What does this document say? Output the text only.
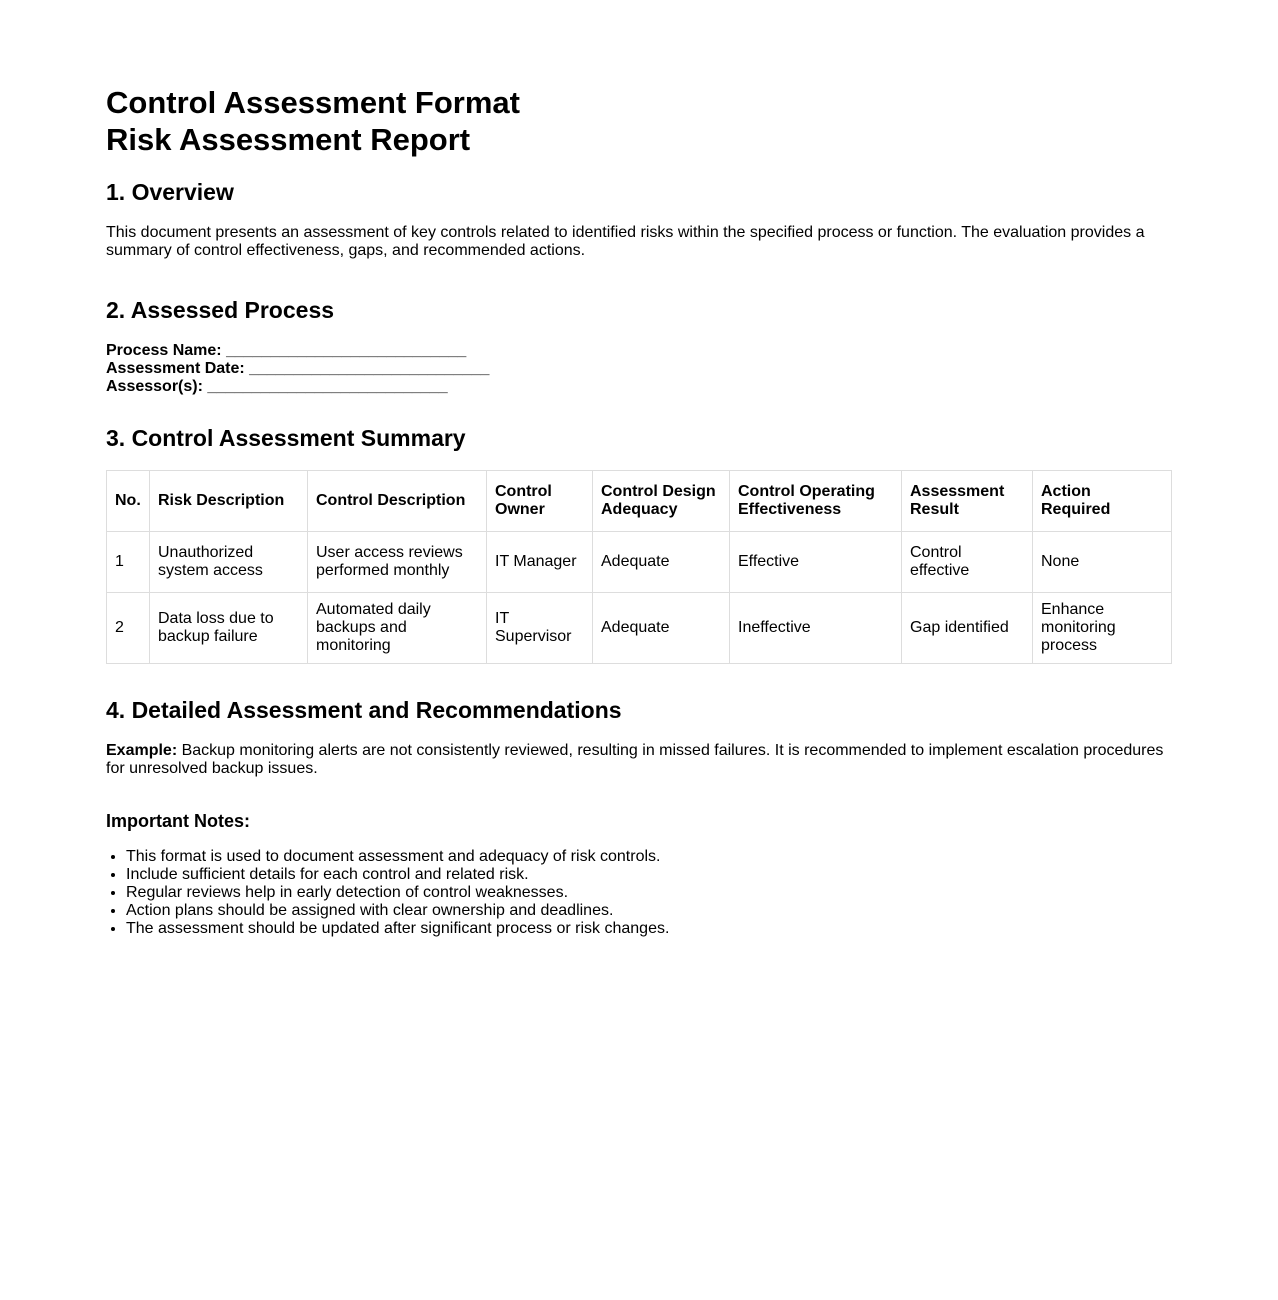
Control Assessment Format
Risk Assessment Report
1. Overview

This document presents an assessment of key controls related to identified risks within the specified process or function. The evaluation provides a summary of control effectiveness, gaps, and recommended actions.

2. Assessed Process
Process Name: ___________________________
Assessment Date: ___________________________
Assessor(s): ___________________________
3. Control Assessment Summary
No.	Risk Description	Control Description	Control Owner	Control Design Adequacy	Control Operating Effectiveness	Assessment Result	Action Required
1	Unauthorized system access	User access reviews performed monthly	IT Manager	Adequate	Effective	Control effective	None
2	Data loss due to backup failure	Automated daily backups and monitoring	IT Supervisor	Adequate	Ineffective	Gap identified	Enhance monitoring process
4. Detailed Assessment and Recommendations

Example: Backup monitoring alerts are not consistently reviewed, resulting in missed failures. It is recommended to implement escalation procedures for unresolved backup issues.

Important Notes:
• This format is used to document assessment and adequacy of risk controls.
• Include sufficient details for each control and related risk.
• Regular reviews help in early detection of control weaknesses.
• Action plans should be assigned with clear ownership and deadlines.
• The assessment should be updated after significant process or risk changes.
